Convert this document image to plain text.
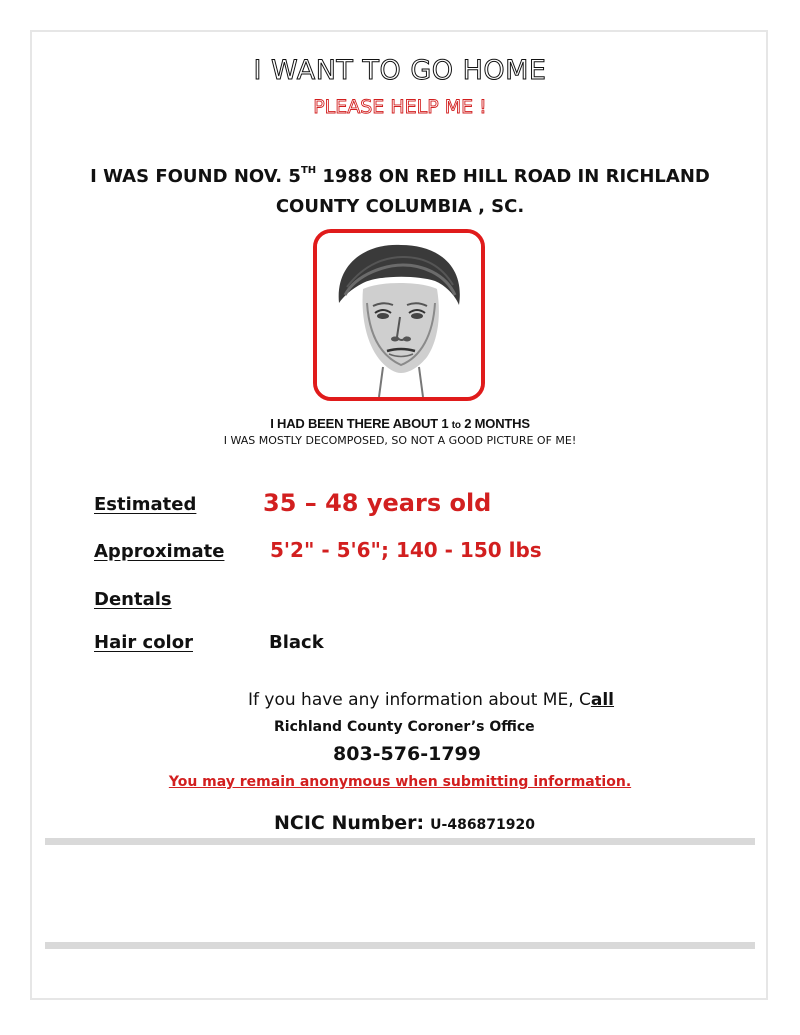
I WANT TO GO HOME
PLEASE HELP ME !
I WAS FOUND NOV. 5TH 1988 ON RED HILL ROAD IN RICHLAND
COUNTY COLUMBIA , SC.
I HAD BEEN THERE ABOUT 1 to 2 MONTHS
I WAS MOSTLY DECOMPOSED, SO NOT A GOOD PICTURE OF ME!
Estimated	35 – 48 years old
Approximate 5'2" - 5'6"; 140 - 150 lbs
Dentals
Hair color	Black
If you have any information about ME, Call
Richland County Coroner’s Office
803-576-1799
You may remain anonymous when submitting information.
NCIC Number: U-486871920
